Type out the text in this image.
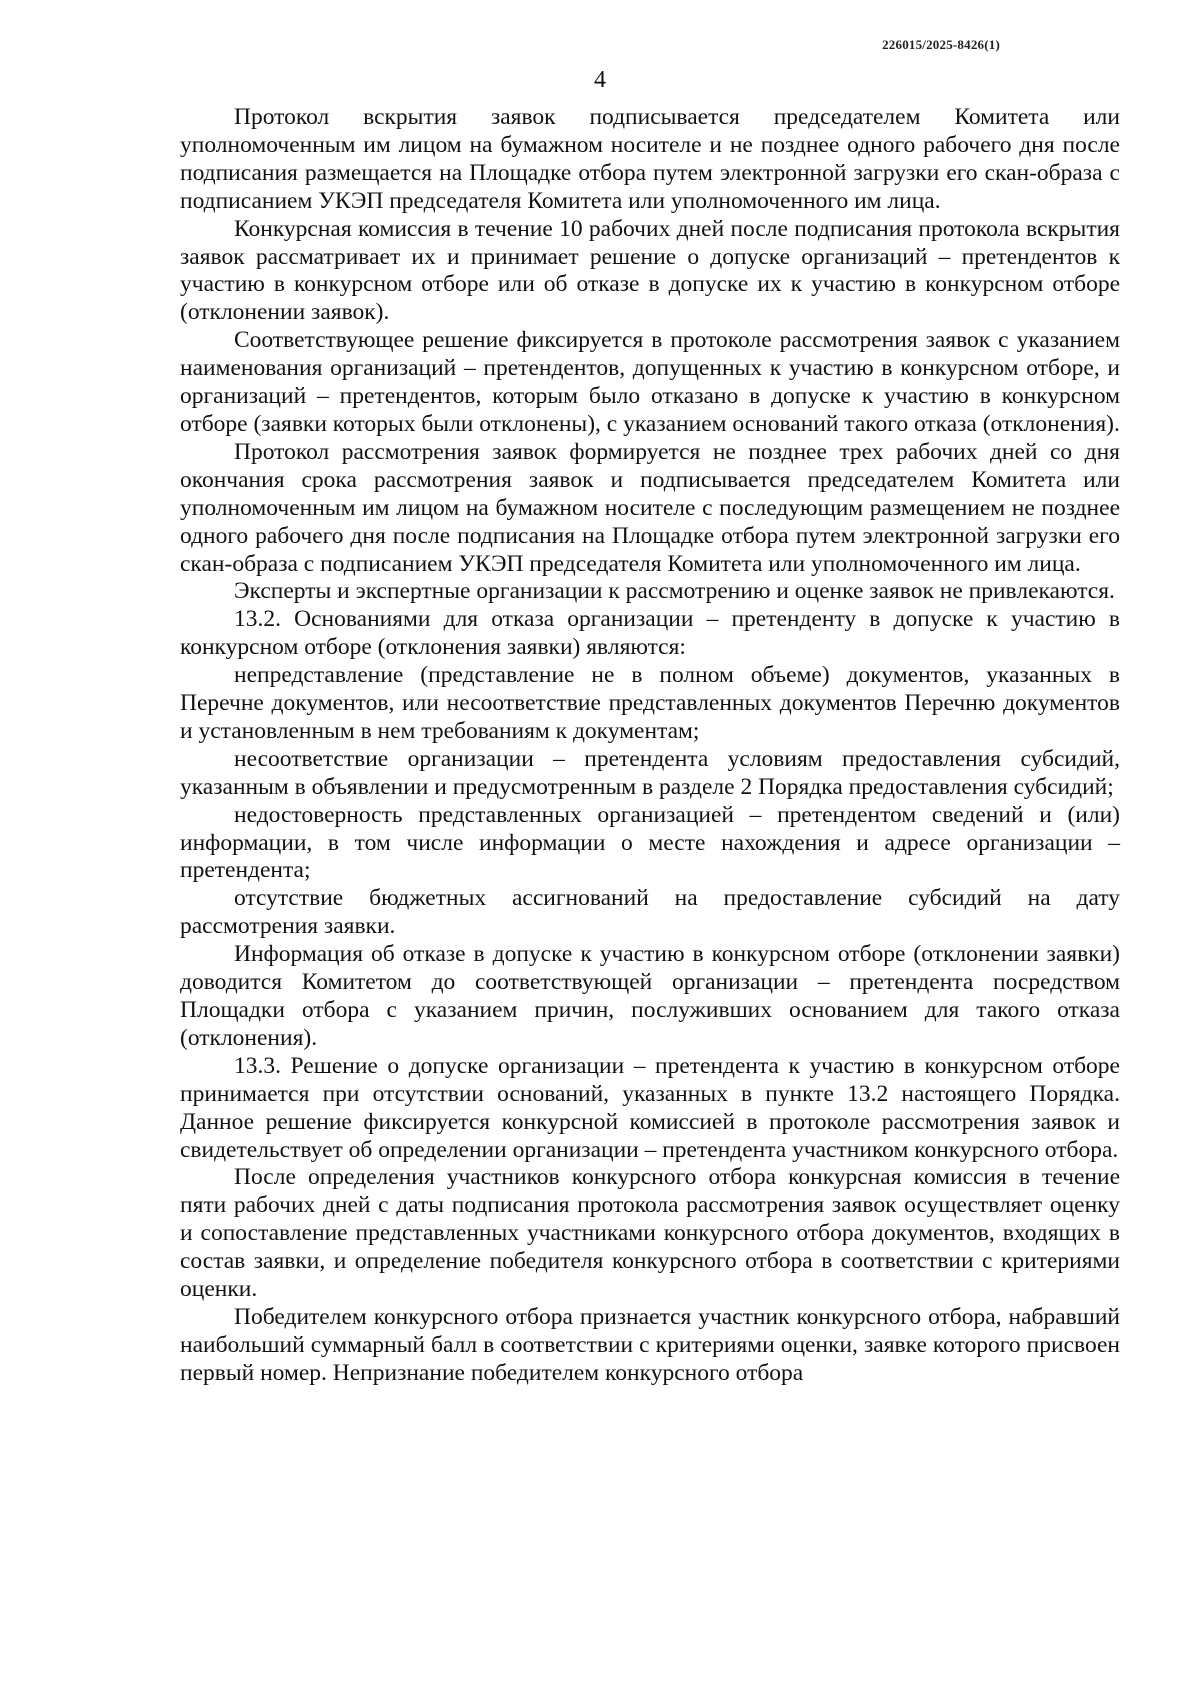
226015/2025-8426(1)
4

Протокол вскрытия заявок подписывается председателем Комитета или уполномоченным им лицом на бумажном носителе и не позднее одного рабочего дня после подписания размещается на Площадке отбора путем электронной загрузки его скан-образа с подписанием УКЭП председателя Комитета или уполномоченного им лица.

Конкурсная комиссия в течение 10 рабочих дней после подписания протокола вскрытия заявок рассматривает их и принимает решение о допуске организаций – претендентов к участию в конкурсном отборе или об отказе в допуске их к участию в конкурсном отборе (отклонении заявок).

Соответствующее решение фиксируется в протоколе рассмотрения заявок с указанием наименования организаций – претендентов, допущенных к участию в конкурсном отборе, и организаций – претендентов, которым было отказано в допуске к участию в конкурсном отборе (заявки которых были отклонены), с указанием оснований такого отказа (отклонения).

Протокол рассмотрения заявок формируется не позднее трех рабочих дней со дня окончания срока рассмотрения заявок и подписывается председателем Комитета или уполномоченным им лицом на бумажном носителе с последующим размещением не позднее одного рабочего дня после подписания на Площадке отбора путем электронной загрузки его скан-образа с подписанием УКЭП председателя Комитета или уполномоченного им лица.

Эксперты и экспертные организации к рассмотрению и оценке заявок не привлекаются.

13.2. Основаниями для отказа организации – претенденту в допуске к участию в конкурсном отборе (отклонения заявки) являются:

непредставление (представление не в полном объеме) документов, указанных в Перечне документов, или несоответствие представленных документов Перечню документов и установленным в нем требованиям к документам;

несоответствие организации – претендента условиям предоставления субсидий, указанным в объявлении и предусмотренным в разделе 2 Порядка предоставления субсидий;

недостоверность представленных организацией – претендентом сведений и (или) информации, в том числе информации о месте нахождения и адресе организации – претендента;

отсутствие бюджетных ассигнований на предоставление субсидий на дату рассмотрения заявки.

Информация об отказе в допуске к участию в конкурсном отборе (отклонении заявки) доводится Комитетом до соответствующей организации – претендента посредством Площадки отбора с указанием причин, послуживших основанием для такого отказа (отклонения).

13.3. Решение о допуске организации – претендента к участию в конкурсном отборе принимается при отсутствии оснований, указанных в пункте 13.2 настоящего Порядка. Данное решение фиксируется конкурсной комиссией в протоколе рассмотрения заявок и свидетельствует об определении организации – претендента участником конкурсного отбора.

После определения участников конкурсного отбора конкурсная комиссия в течение пяти рабочих дней с даты подписания протокола рассмотрения заявок осуществляет оценку и сопоставление представленных участниками конкурсного отбора документов, входящих в состав заявки, и определение победителя конкурсного отбора в соответствии с критериями оценки.

Победителем конкурсного отбора признается участник конкурсного отбора, набравший наибольший суммарный балл в соответствии с критериями оценки, заявке которого присвоен первый номер. Непризнание победителем конкурсного отбора
